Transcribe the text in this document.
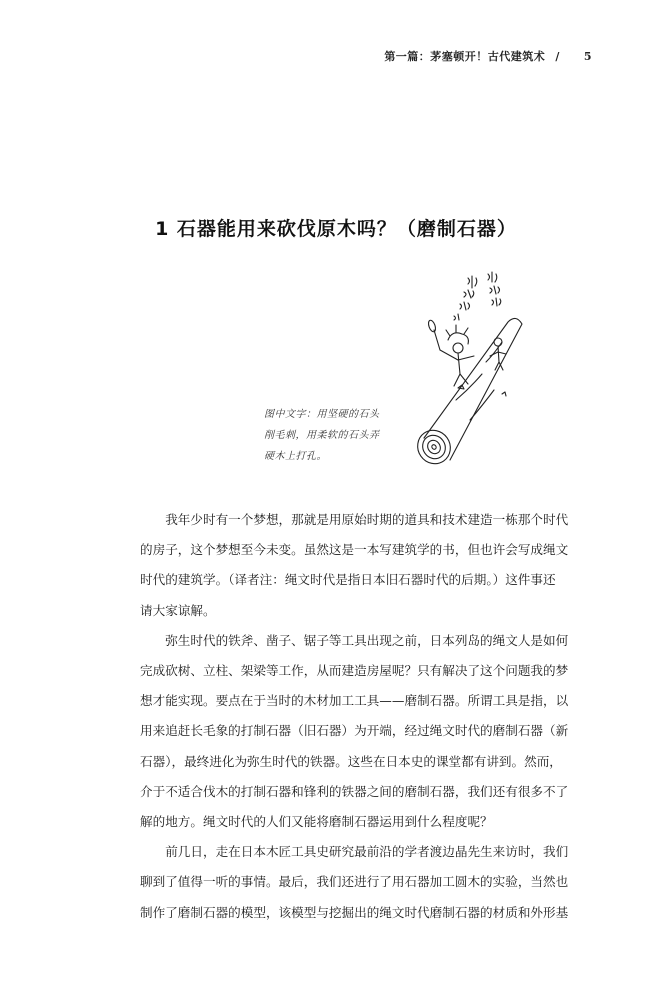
第一篇：茅塞顿开！古代建筑术 / 5
1 石器能用来砍伐原木吗？（磨制石器）
图中文字：用坚硬的石头
削毛刺，用柔软的石头弄
硬木上打孔。

我年少时有一个梦想，那就是用原始时期的道具和技术建造一栋那个时代
的房子，这个梦想至今未变。虽然这是一本写建筑学的书，但也许会写成绳文
时代的建筑学。（译者注：绳文时代是指日本旧石器时代的后期。）这件事还
请大家谅解。

弥生时代的铁斧、凿子、锯子等工具出现之前，日本列岛的绳文人是如何
完成砍树、立柱、架梁等工作，从而建造房屋呢？只有解决了这个问题我的梦
想才能实现。要点在于当时的木材加工工具——磨制石器。所谓工具是指，以
用来追赶长毛象的打制石器（旧石器）为开端，经过绳文时代的磨制石器（新
石器），最终进化为弥生时代的铁器。这些在日本史的课堂都有讲到。然而，
介于不适合伐木的打制石器和锋利的铁器之间的磨制石器，我们还有很多不了
解的地方。绳文时代的人们又能将磨制石器运用到什么程度呢？

前几日，走在日本木匠工具史研究最前沿的学者渡边晶先生来访时，我们
聊到了值得一听的事情。最后，我们还进行了用石器加工圆木的实验，当然也
制作了磨制石器的模型，该模型与挖掘出的绳文时代磨制石器的材质和外形基
